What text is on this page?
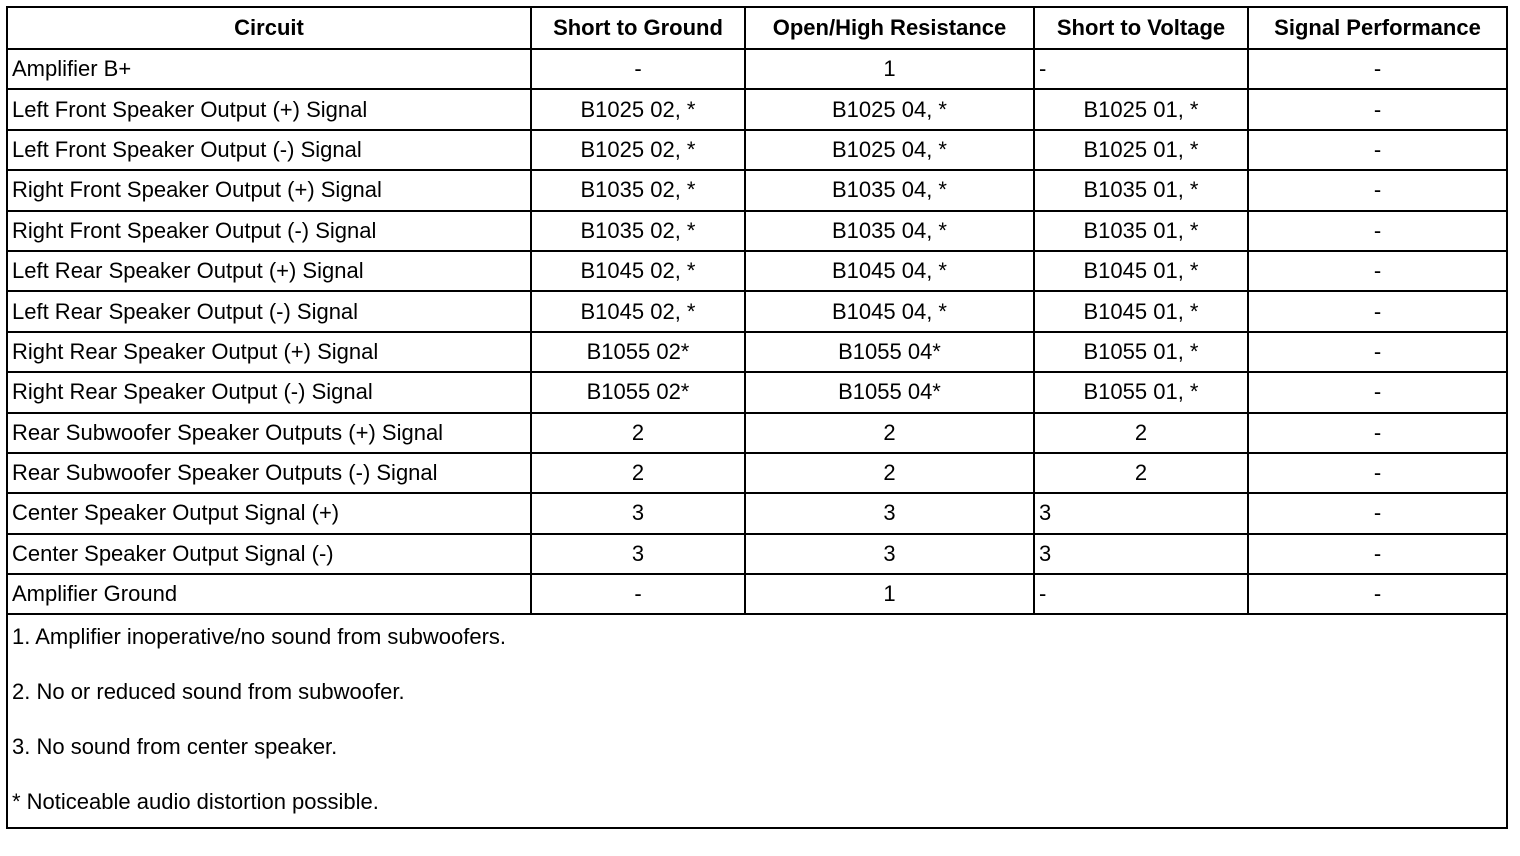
Circuit	Short to Ground	Open/High Resistance	Short to Voltage	Signal Performance
Amplifier B+	-	1	-	-
Left Front Speaker Output (+) Signal	B1025 02, *	B1025 04, *	B1025 01, *	-
Left Front Speaker Output (-) Signal	B1025 02, *	B1025 04, *	B1025 01, *	-
Right Front Speaker Output (+) Signal	B1035 02, *	B1035 04, *	B1035 01, *	-
Right Front Speaker Output (-) Signal	B1035 02, *	B1035 04, *	B1035 01, *	-
Left Rear Speaker Output (+) Signal	B1045 02, *	B1045 04, *	B1045 01, *	-
Left Rear Speaker Output (-) Signal	B1045 02, *	B1045 04, *	B1045 01, *	-
Right Rear Speaker Output (+) Signal	B1055 02*	B1055 04*	B1055 01, *	-
Right Rear Speaker Output (-) Signal	B1055 02*	B1055 04*	B1055 01, *	-
Rear Subwoofer Speaker Outputs (+) Signal	2	2	2	-
Rear Subwoofer Speaker Outputs (-) Signal	2	2	2	-
Center Speaker Output Signal (+)	3	3	3	-
Center Speaker Output Signal (-)	3	3	3	-
Amplifier Ground	-	1	-	-

1. Amplifier inoperative/no sound from subwoofers.
2. No or reduced sound from subwoofer.
3. No sound from center speaker.
* Noticeable audio distortion possible.				
